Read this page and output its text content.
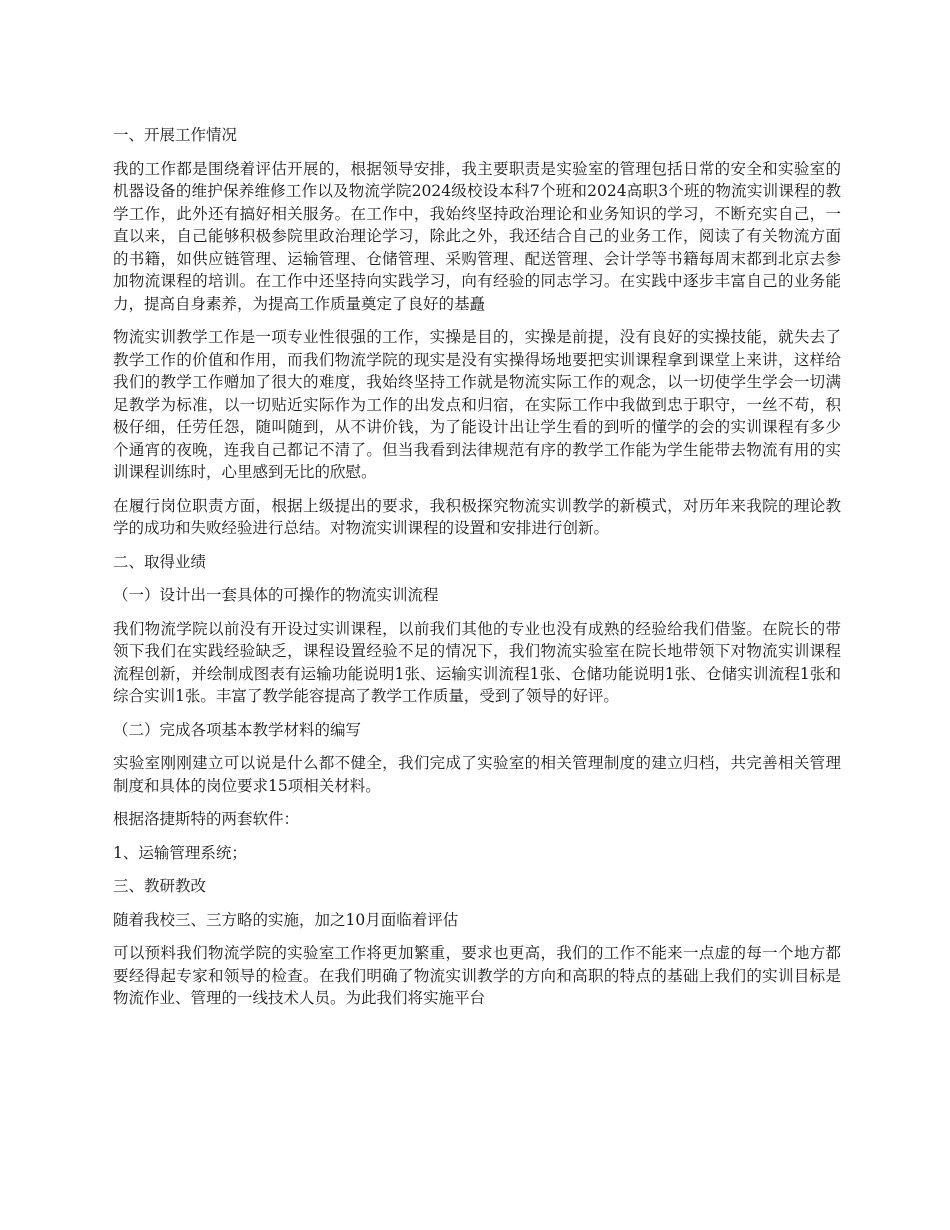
一、开展工作情况

我的工作都是围绕着评估开展的，根据领导安排，我主要职责是实验室的管理包括日常的安全和实验室的机器设备的维护保养维修工作以及物流学院2024级校设本科7个班和2024高职3个班的物流实训课程的教学工作，此外还有搞好相关服务。在工作中，我始终坚持政治理论和业务知识的学习，不断充实自己，一直以来，自己能够积极参院里政治理论学习，除此之外，我还结合自己的业务工作，阅读了有关物流方面的书籍，如供应链管理、运输管理、仓储管理、采购管理、配送管理、会计学等书籍每周末都到北京去参加物流课程的培训。在工作中还坚持向实践学习，向有经验的同志学习。在实践中逐步丰富自己的业务能力，提高自身素养，为提高工作质量奠定了良好的基矗

物流实训教学工作是一项专业性很强的工作，实操是目的，实操是前提，没有良好的实操技能，就失去了教学工作的价值和作用，而我们物流学院的现实是没有实操得场地要把实训课程拿到课堂上来讲，这样给我们的教学工作赠加了很大的难度，我始终坚持工作就是物流实际工作的观念，以一切使学生学会一切满足教学为标准，以一切贴近实际作为工作的出发点和归宿，在实际工作中我做到忠于职守，一丝不苟，积极仔细，任劳任怨，随叫随到，从不讲价钱，为了能设计出让学生看的到听的懂学的会的实训课程有多少个通宵的夜晚，连我自己都记不清了。但当我看到法律规范有序的教学工作能为学生能带去物流有用的实训课程训练时，心里感到无比的欣慰。

在履行岗位职责方面，根据上级提出的要求，我积极探究物流实训教学的新模式，对历年来我院的理论教学的成功和失败经验进行总结。对物流实训课程的设置和安排进行创新。

二、取得业绩

（一）设计出一套具体的可操作的物流实训流程

我们物流学院以前没有开设过实训课程，以前我们其他的专业也没有成熟的经验给我们借鉴。在院长的带领下我们在实践经验缺乏，课程设置经验不足的情况下，我们物流实验室在院长地带领下对物流实训课程流程创新，并绘制成图表有运输功能说明1张、运输实训流程1张、仓储功能说明1张、仓储实训流程1张和综合实训1张。丰富了教学能容提高了教学工作质量，受到了领导的好评。

（二）完成各项基本教学材料的编写

实验室刚刚建立可以说是什么都不健全，我们完成了实验室的相关管理制度的建立归档，共完善相关管理制度和具体的岗位要求15项相关材料。

根据洛捷斯特的两套软件：

1、运输管理系统；

三、教研教改

随着我校三、三方略的实施，加之10月面临着评估

可以预料我们物流学院的实验室工作将更加繁重，要求也更高，我们的工作不能来一点虚的每一个地方都要经得起专家和领导的检查。在我们明确了物流实训教学的方向和高职的特点的基础上我们的实训目标是物流作业、管理的一线技术人员。为此我们将实施平台
